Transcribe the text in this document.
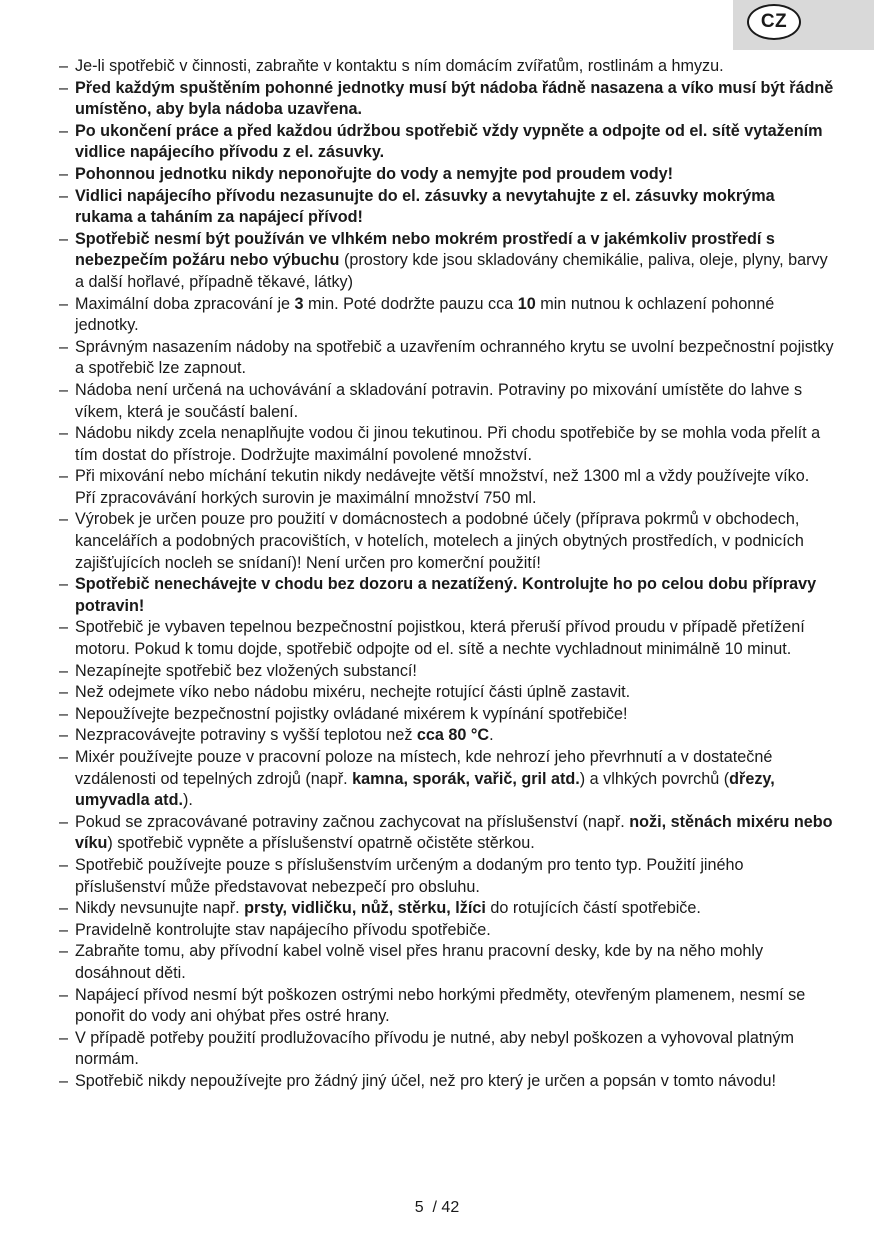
CZ
– Je-li spotřebič v činnosti, zabraňte v kontaktu s ním domácím zvířatům, rostlinám a hmyzu.
– Před každým spuštěním pohonné jednotky musí být nádoba řádně nasazena a víko musí být řádně umístěno, aby byla nádoba uzavřena.
– Po ukončení práce a před každou údržbou spotřebič vždy vypněte a odpojte od el. sítě vytažením vidlice napájecího přívodu z el. zásuvky.
– Pohonnou jednotku nikdy neponořujte do vody a nemyjte pod proudem vody!
– Vidlici napájecího přívodu nezasunujte do el. zásuvky a nevytahujte z el. zásuvky mokrýma rukama a taháním za napájecí přívod!
– Spotřebič nesmí být používán ve vlhkém nebo mokrém prostředí a v jakémkoliv prostředí s nebezpečím požáru nebo výbuchu (prostory kde jsou skladovány chemikálie, paliva, oleje, plyny, barvy a další hořlavé, případně těkavé, látky)
– Maximální doba zpracování je 3 min. Poté dodržte pauzu cca 10 min nutnou k ochlazení pohonné jednotky.
– Správným nasazením nádoby na spotřebič a uzavřením ochranného krytu se uvolní bezpečnostní pojistky a spotřebič lze zapnout.
– Nádoba není určená na uchovávání a skladování potravin. Potraviny po mixování umístěte do lahve s víkem, která je součástí balení.
– Nádobu nikdy zcela nenaplňujte vodou či jinou tekutinou. Při chodu spotřebiče by se mohla voda přelít a tím dostat do přístroje. Dodržujte maximální povolené množství.
– Při mixování nebo míchání tekutin nikdy nedávejte větší množství, než 1300 ml a vždy používejte víko. Pří zpracovávání horkých surovin je maximální množství 750 ml.
– Výrobek je určen pouze pro použití v domácnostech a podobné účely (příprava pokrmů v obchodech, kancelářích a podobných pracovištích, v hotelích, motelech a jiných obytných prostředích, v podnicích zajišťujících nocleh se snídaní)! Není určen pro komerční použití!
– Spotřebič nenechávejte v chodu bez dozoru a nezatížený. Kontrolujte ho po celou dobu přípravy potravin!
– Spotřebič je vybaven tepelnou bezpečnostní pojistkou, která přeruší přívod proudu v případě přetížení motoru. Pokud k tomu dojde, spotřebič odpojte od el. sítě a nechte vychladnout minimálně 10 minut.
– Nezapínejte spotřebič bez vložených substancí!
– Než odejmete víko nebo nádobu mixéru, nechejte rotující části úplně zastavit.
– Nepoužívejte bezpečnostní pojistky ovládané mixérem k vypínání spotřebiče!
– Nezpracovávejte potraviny s vyšší teplotou než cca 80 °C.
– Mixér používejte pouze v pracovní poloze na místech, kde nehrozí jeho převrhnutí a v dostatečné vzdálenosti od tepelných zdrojů (např. kamna, sporák, vařič, gril atd.) a vlhkých povrchů (dřezy, umyvadla atd.).
– Pokud se zpracovávané potraviny začnou zachycovat na příslušenství (např. noži, stěnách mixéru nebo víku) spotřebič vypněte a příslušenství opatrně očistěte stěrkou.
– Spotřebič používejte pouze s příslušenstvím určeným a dodaným pro tento typ. Použití jiného příslušenství může představovat nebezpečí pro obsluhu.
– Nikdy nevsunujte např. prsty, vidličku, nůž, stěrku, lžíci do rotujících částí spotřebiče.
– Pravidelně kontrolujte stav napájecího přívodu spotřebiče.
– Zabraňte tomu, aby přívodní kabel volně visel přes hranu pracovní desky, kde by na něho mohly dosáhnout děti.
– Napájecí přívod nesmí být poškozen ostrými nebo horkými předměty, otevřeným plamenem, nesmí se ponořit do vody ani ohýbat přes ostré hrany.
– V případě potřeby použití prodlužovacího přívodu je nutné, aby nebyl poškozen a vyhovoval platným normám.
– Spotřebič nikdy nepoužívejte pro žádný jiný účel, než pro který je určen a popsán v tomto návodu!
5  / 42
